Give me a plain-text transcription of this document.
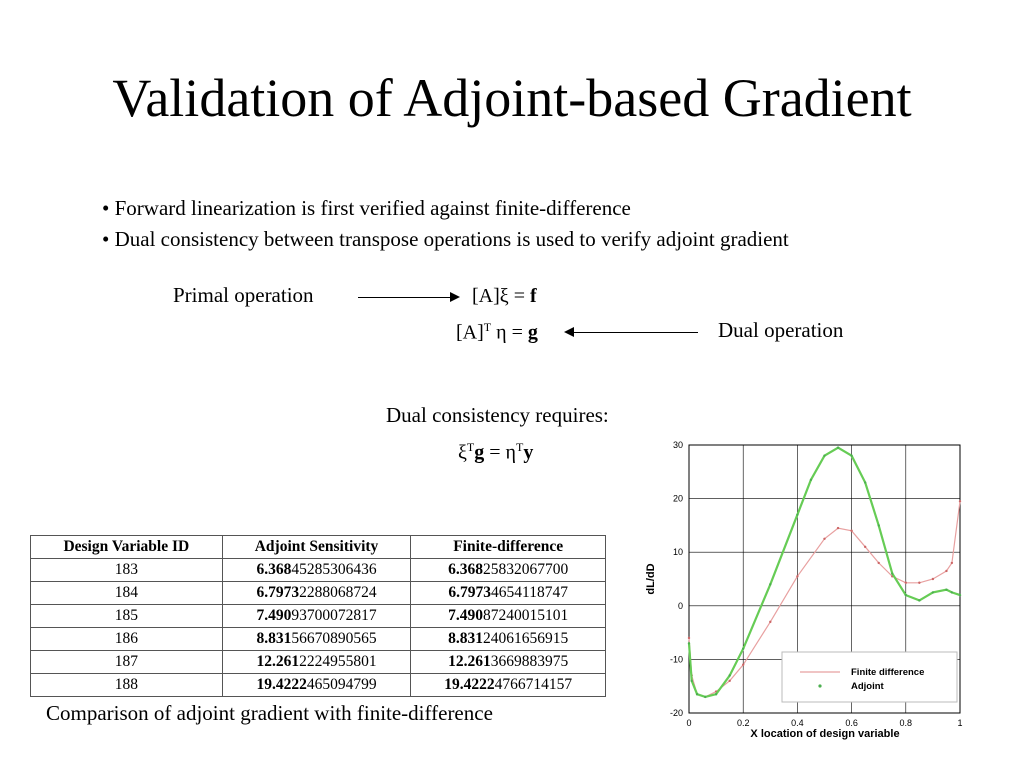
Validation of Adjoint-based Gradient
• Forward linearization is first verified against finite-difference
• Dual consistency between transpose operations is used to verify adjoint gradient
Primal operation	[A]ξ = f
$[A]^T$ η = g	Dual operation
Dual consistency requires:
$\xi^Tg = \eta^Ty$
Design Variable ID	Adjoint Sensitivity	Finite-difference
183	6.36845285306436	6.36825832067700
184	6.79732288068724	6.79734654118747
185	7.49093700072817	7.49087240015101
186	8.83156670890565	8.83124061656915
187	12.2612224955801	12.2613669883975
188	19.4222465094799	19.42224766714157
Comparison of adjoint gradient with finite-difference	0	0.2	0.4	0.6	0.8	1
-20
-10
0
10
20
30
Finite difference
Adjoint
X location of design variable
dL/dD
